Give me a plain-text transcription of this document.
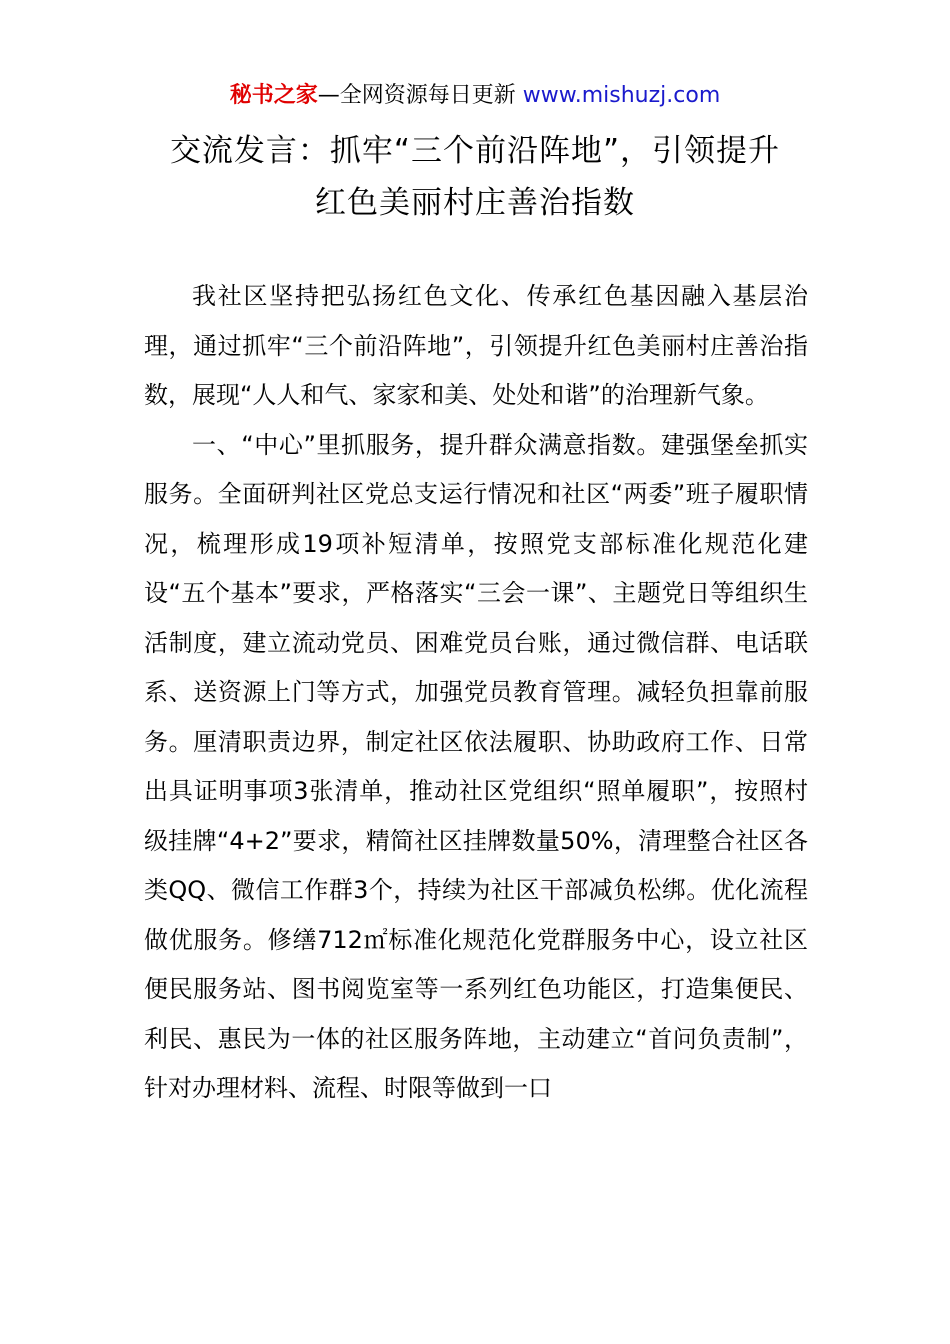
秘书之家—全网资源每日更新 www.mishuzj.com
交流发言：抓牢“三个前沿阵地”，引领提升
红色美丽村庄善治指数

我社区坚持把弘扬红色文化、传承红色基因融入基层治理，通过抓牢“三个前沿阵地”，引领提升红色美丽村庄善治指数，展现“人人和气、家家和美、处处和谐”的治理新气象。

一、“中心”里抓服务，提升群众满意指数。建强堡垒抓实服务。全面研判社区党总支运行情况和社区“两委”班子履职情况，梳理形成19项补短清单，按照党支部标准化规范化建设“五个基本”要求，严格落实“三会一课”、主题党日等组织生活制度，建立流动党员、困难党员台账，通过微信群、电话联系、送资源上门等方式，加强党员教育管理。减轻负担靠前服务。厘清职责边界，制定社区依法履职、协助政府工作、日常出具证明事项3张清单，推动社区党组织“照单履职”，按照村级挂牌“4+2”要求，精简社区挂牌数量50%，清理整合社区各类QQ、微信工作群3个，持续为社区干部减负松绑。优化流程做优服务。修缮712㎡标准化规范化党群服务中心，设立社区便民服务站、图书阅览室等一系列红色功能区，打造集便民、利民、惠民为一体的社区服务阵地，主动建立“首问负责制”，针对办理材料、流程、时限等做到一口
